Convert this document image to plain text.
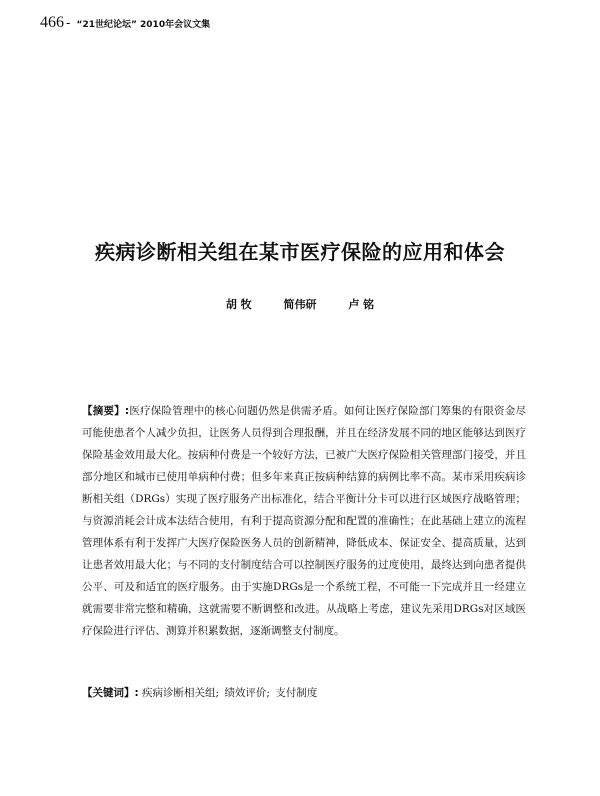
466 - “21世纪论坛” 2010年会议文集
疾病诊断相关组在某市医疗保险的应用和体会
胡 牧	简伟研	卢 铭
【摘要】:医疗保险管理中的核心问题仍然是供需矛盾。如何让医疗保险部门筹集的有限资金尽可能使患者个人减少负担，让医务人员得到合理报酬，并且在经济发展不同的地区能够达到医疗保险基金效用最大化。按病种付费是一个较好方法，已被广大医疗保险相关管理部门接受，并且部分地区和城市已使用单病种付费；但多年来真正按病种结算的病例比率不高。某市采用疾病诊断相关组（DRGs）实现了医疗服务产出标准化，结合平衡计分卡可以进行区域医疗战略管理；与资源消耗会计成本法结合使用，有利于提高资源分配和配置的准确性；在此基础上建立的流程管理体系有利于发挥广大医疗保险医务人员的创新精神，降低成本、保证安全、提高质量，达到让患者效用最大化；与不同的支付制度结合可以控制医疗服务的过度使用，最终达到向患者提供公平、可及和适宜的医疗服务。由于实施DRGs是一个系统工程，不可能一下完成并且一经建立就需要非常完整和精确，这就需要不断调整和改进。从战略上考虑，建议先采用DRGs对区域医疗保险进行评估、测算并积累数据，逐渐调整支付制度。
【关键词】: 疾病诊断相关组; 绩效评价; 支付制度
